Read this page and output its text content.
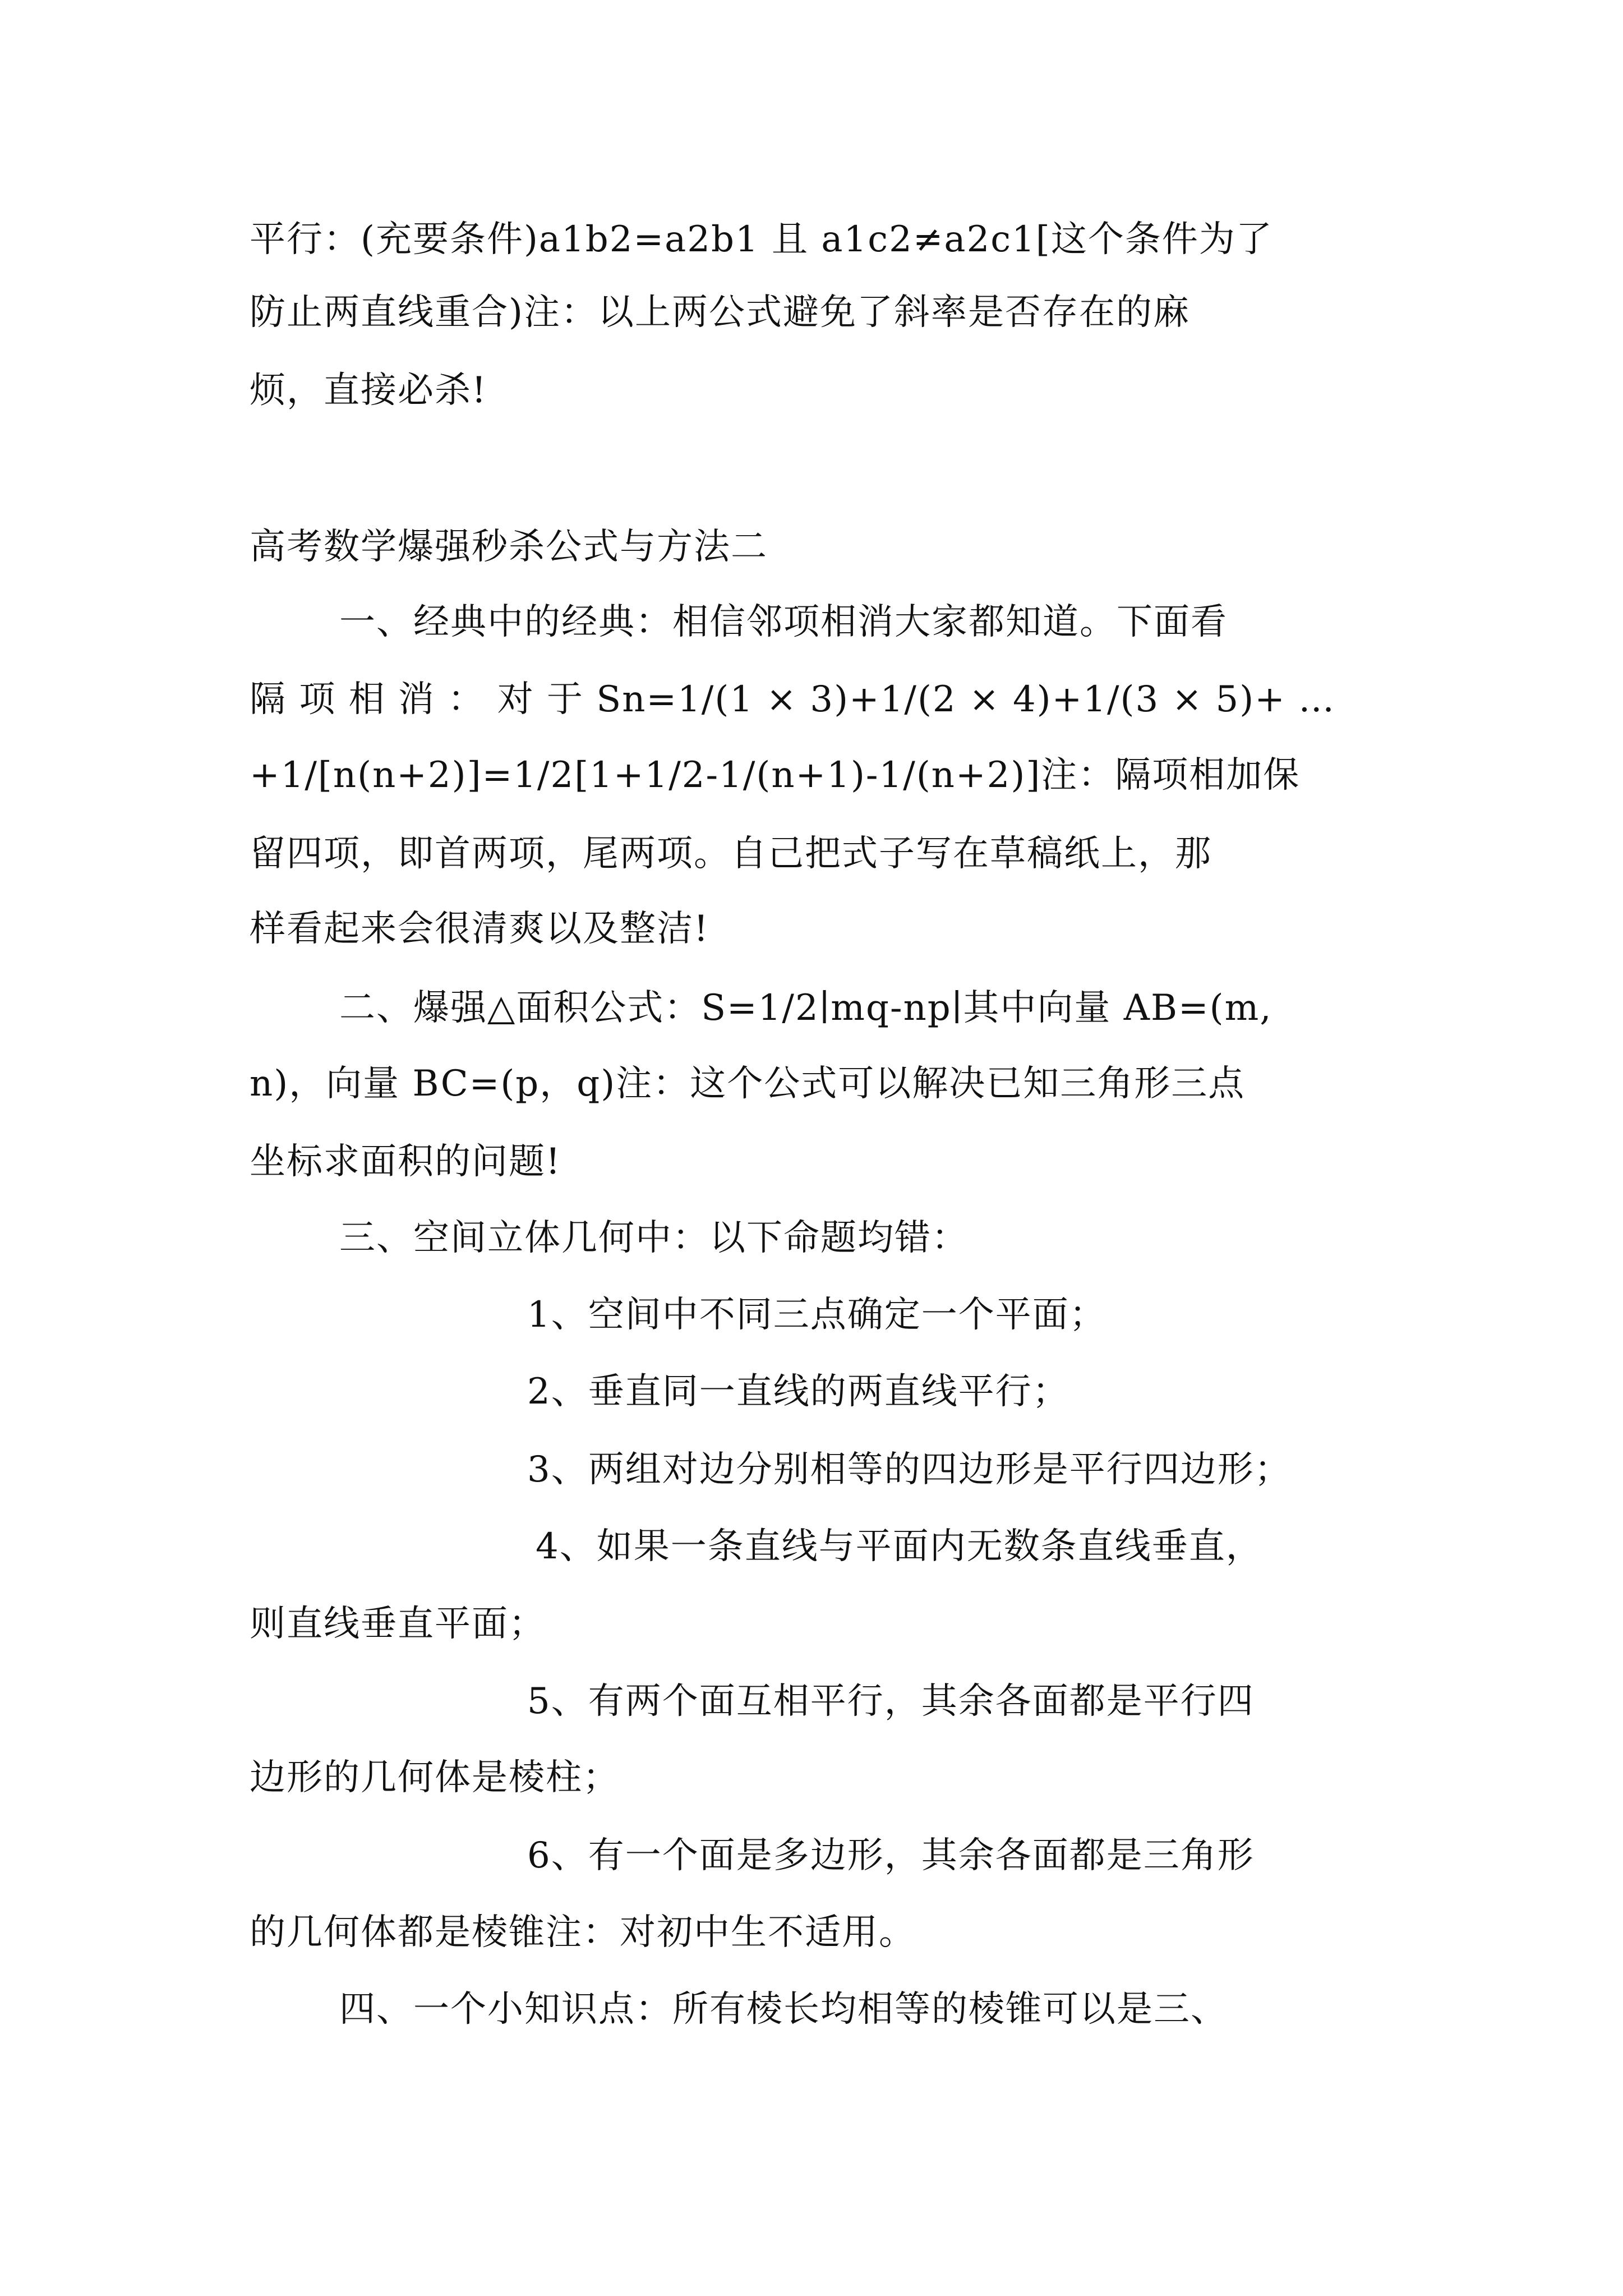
平行：(充要条件)a1b2=a2b1 且 a1c2≠a2c1[这个条件为了
防止两直线重合)注：以上两公式避免了斜率是否存在的麻
烦，直接必杀!
高考数学爆强秒杀公式与方法二
一、经典中的经典：相信邻项相消大家都知道。下面看
隔 项 相 消 ： 对 于 Sn=1/(1 × 3)+1/(2 × 4)+1/(3 × 5)+ …
+1/[n(n+2)]=1/2[1+1/2-1/(n+1)-1/(n+2)]注：隔项相加保
留四项，即首两项，尾两项。自己把式子写在草稿纸上，那
样看起来会很清爽以及整洁!
二、爆强△面积公式：S=1/2∣mq-np∣其中向量 AB=(m,
n)，向量 BC=(p，q)注：这个公式可以解决已知三角形三点
坐标求面积的问题!
三、空间立体几何中：以下命题均错：
1、空间中不同三点确定一个平面；
2、垂直同一直线的两直线平行；
3、两组对边分别相等的四边形是平行四边形；
4、如果一条直线与平面内无数条直线垂直，
则直线垂直平面；
5、有两个面互相平行，其余各面都是平行四
边形的几何体是棱柱；
6、有一个面是多边形，其余各面都是三角形
的几何体都是棱锥注：对初中生不适用。
四、一个小知识点：所有棱长均相等的棱锥可以是三、
